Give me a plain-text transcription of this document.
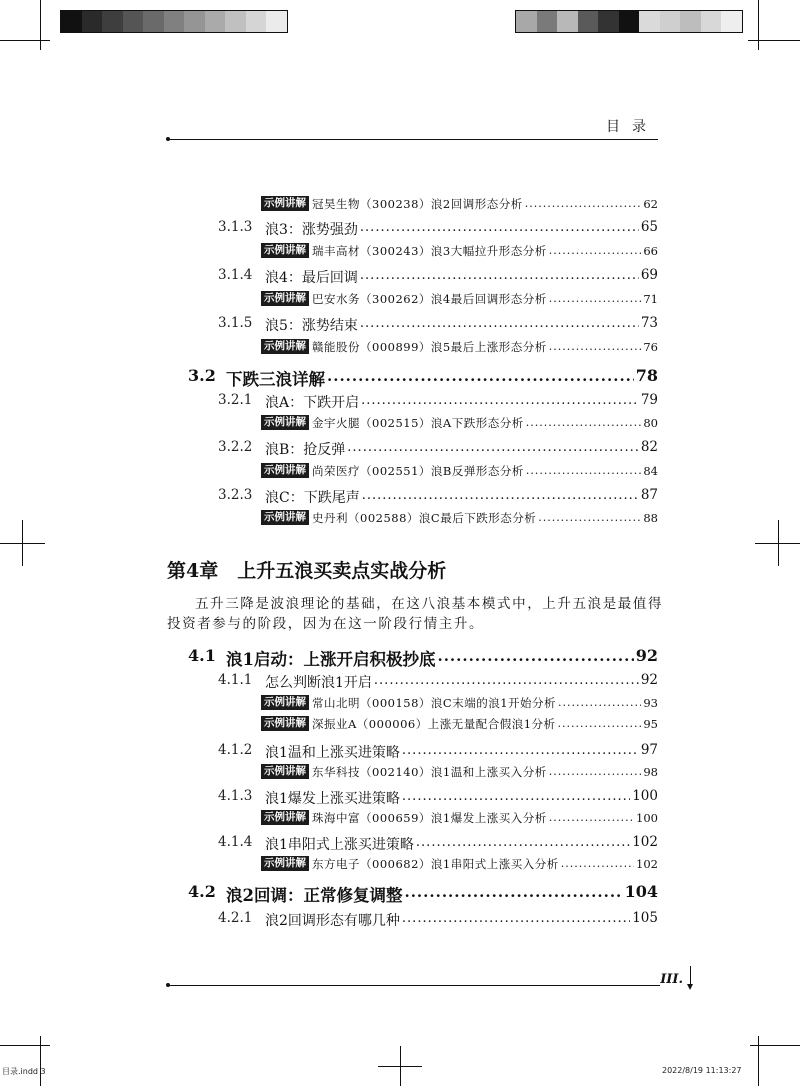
目录
示例讲解 冠昊生物（300238）浪2回调形态分析	62
.....
3.1.3 浪3：涨势强劲	65
.....
示例讲解 瑞丰高材（300243）浪3大幅拉升形态分析	66
.....
3.1.4 浪4：最后回调	69
.....
示例讲解 巴安水务（300262）浪4最后回调形态分析	71
.....
3.1.5 浪5：涨势结束	73
.....
示例讲解 赣能股份（000899）浪5最后上涨形态分析	76
.....
3.2 下跌三浪详解	78
.....
3.2.1 浪A：下跌开启	79
.....
示例讲解 金宇火腿（002515）浪A下跌形态分析	80
.....
3.2.2 浪B：抢反弹	82
.....
示例讲解 尚荣医疗（002551）浪B反弹形态分析	84
.....
3.2.3 浪C：下跌尾声	87
.....
示例讲解 史丹利（002588）浪C最后下跌形态分析	88
.....
第4章　上升五浪买卖点实战分析
五升三降是波浪理论的基础，在这八浪基本模式中，上升五浪是最值得
投资者参与的阶段，因为在这一阶段行情主升。
4.1 浪1启动：上涨开启积极抄底	92
.....
4.1.1 怎么判断浪1开启	92
.....
示例讲解 常山北明（000158）浪C末端的浪1开始分析	93
.....
示例讲解 深振业A（000006）上涨无量配合假浪1分析	95
.....
4.1.2 浪1温和上涨买进策略	97
.....
示例讲解 东华科技（002140）浪1温和上涨买入分析	98
.....
4.1.3 浪1爆发上涨买进策略	100
.....
示例讲解 珠海中富（000659）浪1爆发上涨买入分析	100
.....
4.1.4 浪1串阳式上涨买进策略	102
.....
示例讲解 东方电子（000682）浪1串阳式上涨买入分析	102
.....
4.2 浪2回调：正常修复调整	104
.....
4.2.1 浪2回调形态有哪几种	105
.....
III.
目录.indd 3	2022/8/19 11:13:27
